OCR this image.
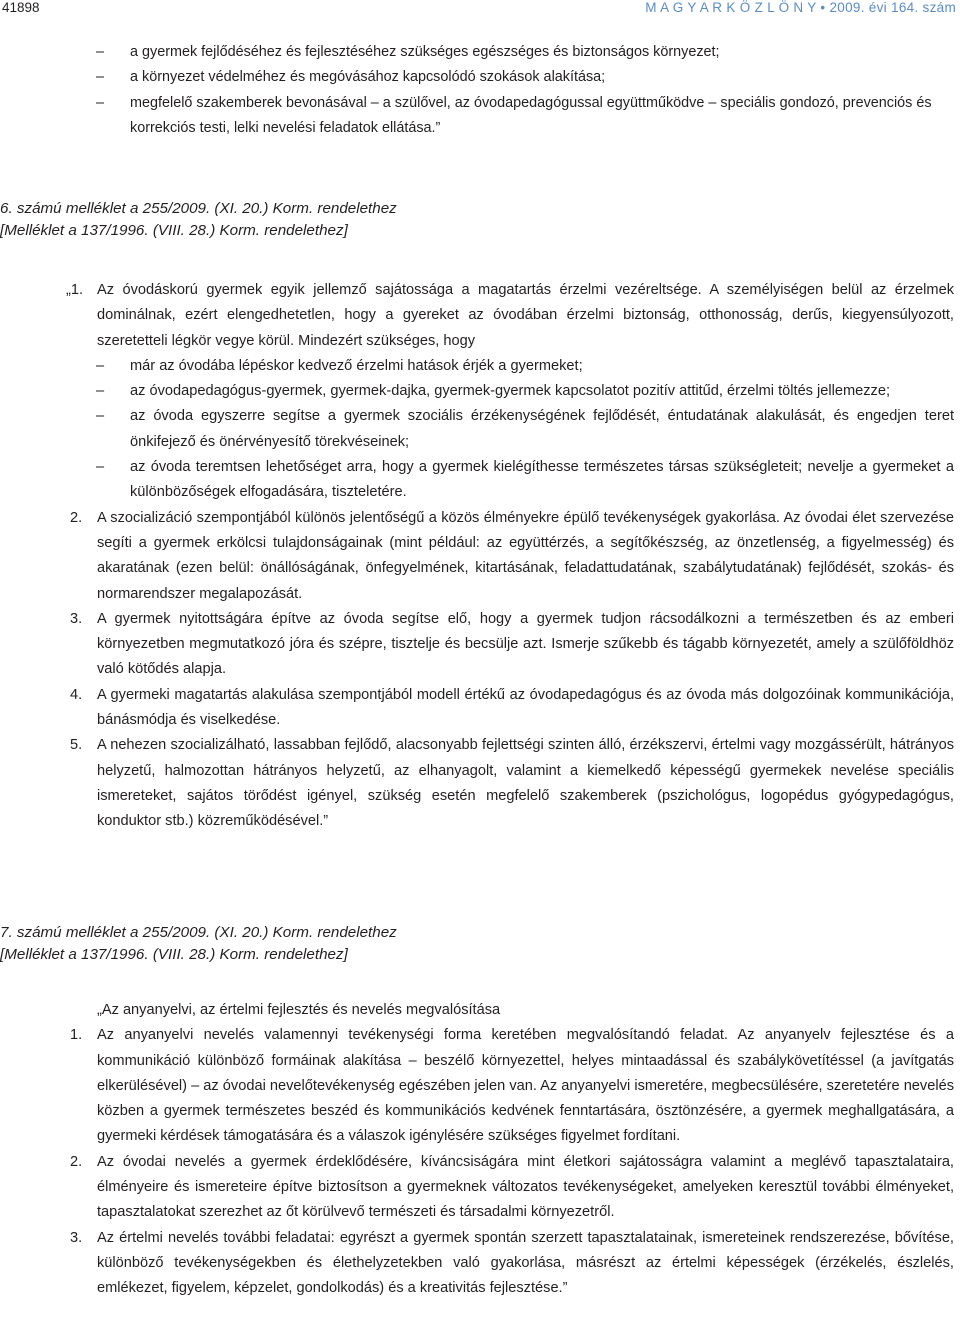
41898	M A G Y A R K Ö Z L Ö N Y • 2009. évi 164. szám
– a gyermek fejlődéséhez és fejlesztéséhez szükséges egészséges és biztonságos környezet;
– a környezet védelméhez és megóvásához kapcsolódó szokások alakítása;
– megfelelő szakemberek bevonásával – a szülővel, az óvodapedagógussal együttműködve – speciális gondozó, prevenciós és korrekciós testi, lelki nevelési feladatok ellátása.”
6. számú melléklet a 255/2009. (XI. 20.) Korm. rendelethez
[Melléklet a 137/1996. (VIII. 28.) Korm. rendelethez]
„1. Az óvodáskorú gyermek egyik jellemző sajátossága a magatartás érzelmi vezéreltsége. A személyiségen belül az érzelmek dominálnak, ezért elengedhetetlen, hogy a gyereket az óvodában érzelmi biztonság, otthonosság, derűs, kiegyensúlyozott, szeretetteli légkör vegye körül. Mindezért szükséges, hogy
– már az óvodába lépéskor kedvező érzelmi hatások érjék a gyermeket;
– az óvodapedagógus-gyermek, gyermek-dajka, gyermek-gyermek kapcsolatot pozitív attitűd, érzelmi töltés jellemezze;
– az óvoda egyszerre segítse a gyermek szociális érzékenységének fejlődését, éntudatának alakulását, és engedjen teret önkifejező és önérvényesítő törekvéseinek;
– az óvoda teremtsen lehetőséget arra, hogy a gyermek kielégíthesse természetes társas szükségleteit; nevelje a gyermeket a különbözőségek elfogadására, tiszteletére.
2. A szocializáció szempontjából különös jelentőségű a közös élményekre épülő tevékenységek gyakorlása. Az óvodai élet szervezése segíti a gyermek erkölcsi tulajdonságainak (mint például: az együttérzés, a segítőkészség, az önzetlenség, a figyelmesség) és akaratának (ezen belül: önállóságának, önfegyelmének, kitartásának, feladattudatának, szabálytudatának) fejlődését, szokás- és normarendszer megalapozását.
3. A gyermek nyitottságára építve az óvoda segítse elő, hogy a gyermek tudjon rácsodálkozni a természetben és az emberi környezetben megmutatkozó jóra és szépre, tisztelje és becsülje azt. Ismerje szűkebb és tágabb környezetét, amely a szülőföldhöz való kötődés alapja.
4. A gyermeki magatartás alakulása szempontjából modell értékű az óvodapedagógus és az óvoda más dolgozóinak kommunikációja, bánásmódja és viselkedése.
5. A nehezen szocializálható, lassabban fejlődő, alacsonyabb fejlettségi szinten álló, érzékszervi, értelmi vagy mozgássérült, hátrányos helyzetű, halmozottan hátrányos helyzetű, az elhanyagolt, valamint a kiemelkedő képességű gyermekek nevelése speciális ismereteket, sajátos törődést igényel, szükség esetén megfelelő szakemberek (pszichológus, logopédus gyógypedagógus, konduktor stb.) közreműködésével.”
7. számú melléklet a 255/2009. (XI. 20.) Korm. rendelethez
[Melléklet a 137/1996. (VIII. 28.) Korm. rendelethez]
„Az anyanyelvi, az értelmi fejlesztés és nevelés megvalósítása
1. Az anyanyelvi nevelés valamennyi tevékenységi forma keretében megvalósítandó feladat. Az anyanyelv fejlesztése és a kommunikáció különböző formáinak alakítása – beszélő környezettel, helyes mintaadással és szabálykövetítéssel (a javítgatás elkerülésével) – az óvodai nevelőtevékenység egészében jelen van. Az anyanyelvi ismeretére, megbecsülésére, szeretetére nevelés közben a gyermek természetes beszéd és kommunikációs kedvének fenntartására, ösztönzésére, a gyermek meghallgatására, a gyermeki kérdések támogatására és a válaszok igénylésére szükséges figyelmet fordítani.
2. Az óvodai nevelés a gyermek érdeklődésére, kíváncsiságára mint életkori sajátosságra valamint a meglévő tapasztalataira, élményeire és ismereteire építve biztosítson a gyermeknek változatos tevékenységeket, amelyeken keresztül további élményeket, tapasztalatokat szerezhet az őt körülvevő természeti és társadalmi környezetről.
3. Az értelmi nevelés további feladatai: egyrészt a gyermek spontán szerzett tapasztalatainak, ismereteinek rendszerezése, bővítése, különböző tevékenységekben és élethelyzetekben való gyakorlása, másrészt az értelmi képességek (érzékelés, észlelés, emlékezet, figyelem, képzelet, gondolkodás) és a kreativitás fejlesztése.”
